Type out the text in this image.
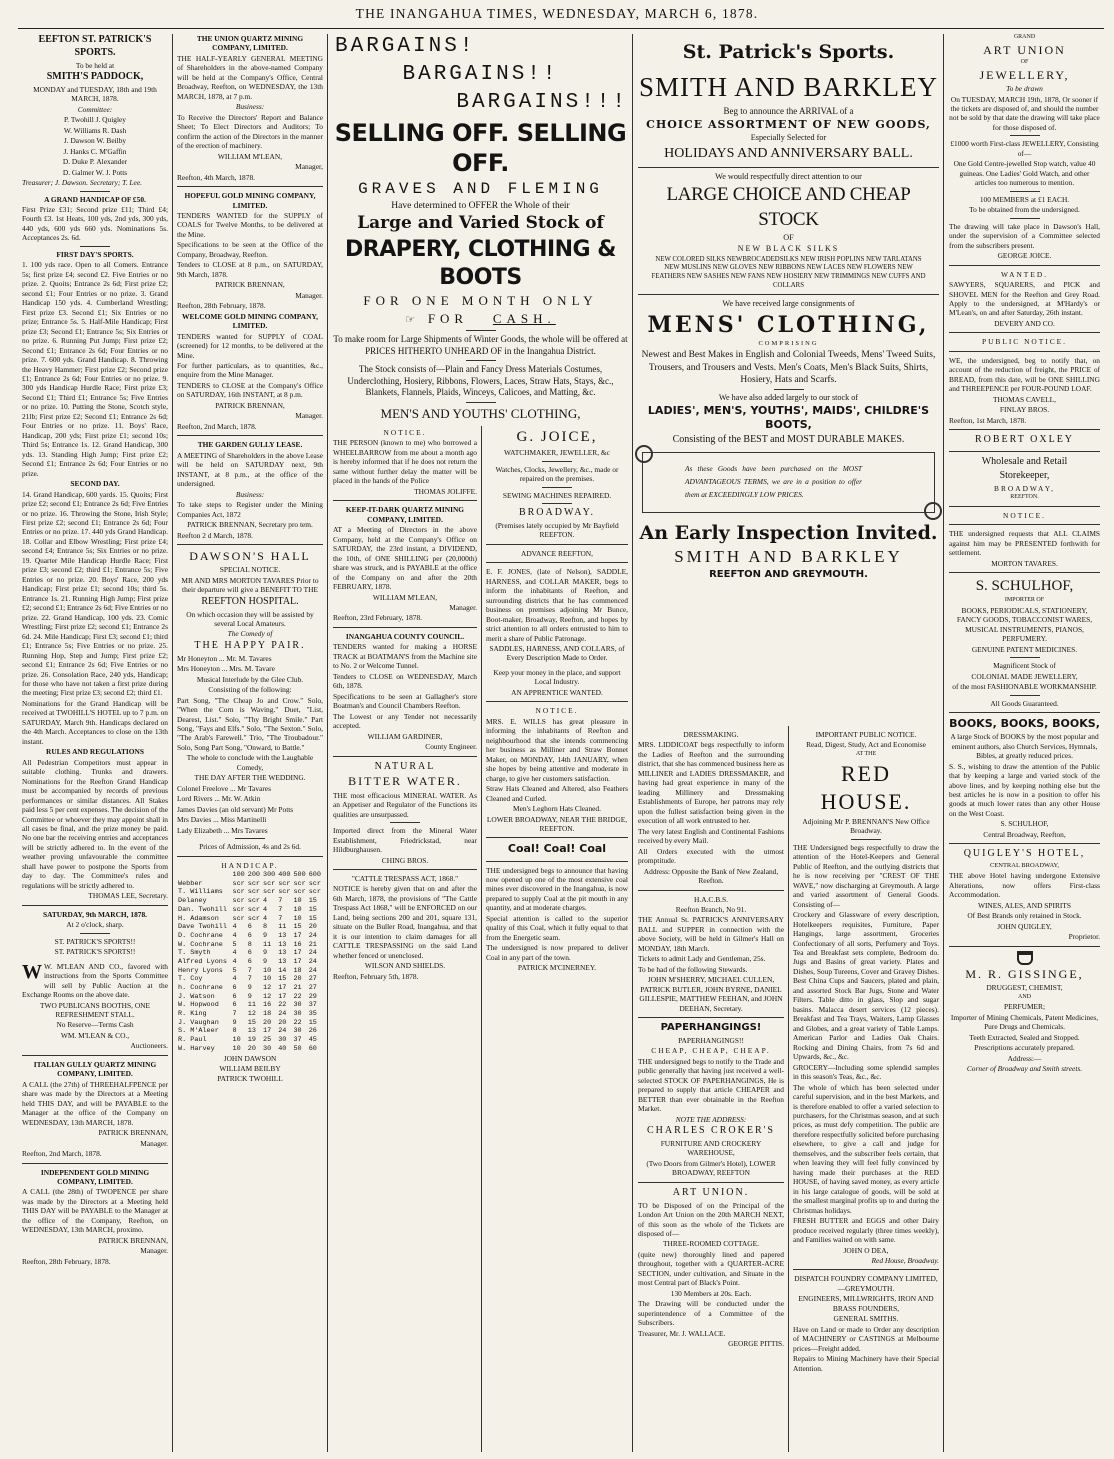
THE INANGAHUA TIMES, WEDNESDAY, MARCH 6, 1878.

EEFTON ST. PATRICK'S SPORTS.

To be held at

SMITH'S PADDOCK,

MONDAY and TUESDAY, 18th and 19th MARCH, 1878.

Committee:

P. Twohill J. Quigley

W. Williams R. Dash

J. Dawson W. Beilby

J. Hanks C. M'Gaffin

D. Duke P. Alexander

D. Galmer W. J. Potts

Treasurer; J. Dawson. Secretary; T. Lee.

A GRAND HANDICAP OF £50.

First Prize £31; Second prize £11; Third £4; Fourth £3. 1st Heats, 100 yds, 2nd yds, 300 yds, 440 yds, 600 yds 660 yds. Nominations 5s. Acceptances 2s. 6d.

FIRST DAY'S SPORTS.

1. 100 yds race. Open to all Comers. Entrance 5s; first prize £4; second £2. Five Entries or no prize. 2. Quoits; Entrance 2s 6d; First prize £2; second £1; Four Entries or no prize. 3. Grand Handicap 150 yds. 4. Cumberland Wrestling; First prize £3. Second £1; Six Entries or no prize; Entrance 5s. 5. Half-Mile Handicap; First prize £3; Second £1; Entrance 5s; Six Entries or no prize. 6. Running Put Jump; First prize £2; Second £1; Entrance 2s 6d; Four Entries or no prize. 7. 600 yds. Grand Handicap. 8. Throwing the Heavy Hammer; First prize £2; Second prize £1; Entrance 2s 6d; Four Entries or no prize. 9. 300 yds Handicap Hurdle Race; First prize £3; Second £1; Third £1; Entrance 5s; Five Entries or no prize. 10. Putting the Stone, Scotch style, 21lb; First prize £2; Second £1; Entrance 2s 6d; Four Entries or no prize. 11. Boys' Race, Handicap, 200 yds; First prize £1; second 10s; Third 5s; Entrance 1s. 12. Grand Handicap, 300 yds. 13. Standing High Jump; First prize £2; Second £1; Entrance 2s 6d; Four Entries or no prize.

SECOND DAY.

14. Grand Handicap, 600 yards. 15. Quoits; First prize £2; second £1; Entrance 2s 6d; Five Entries or no prize. 16. Throwing the Stone, Irish Style; First prize £2; second £1; Entrance 2s 6d; Four Entries or no prize. 17. 440 yds Grand Handicap. 18. Collar and Elbow Wrestling; First prize £4; second £4; Entrance 5s; Six Entries or no prize. 19. Quarter Mile Handicap Hurdle Race; First prize £3; second £2; third £1; Entrance 5s; Five Entries or no prize. 20. Boys' Race, 200 yds Handicap; First prize £1; second 10s; third 5s. Entrance 1s. 21. Running High Jump; First prize £2; second £1; Entrance 2s 6d; Five Entries or no prize. 22. Grand Handicap, 100 yds. 23. Comic Wrestling; First prize £2; second £1; Entrance 2s 6d. 24. Mile Handicap; First £3; second £1; third £1; Entrance 5s; Five Entries or no prize. 25. Running Hop, Step and Jump; First prize £2; second £1; Entrance 2s 6d; Five Entries or no prize. 26. Consolation Race, 240 yds, Handicap; for those who have not taken a first prize during the meeting; First prize £3; second £2; third £1.

Nominations for the Grand Handicap will be received at TWOHILL'S HOTEL up to 7 p.m. on SATURDAY, March 9th. Handicaps declared on the 4th March. Acceptances to close on the 13th instant.

RULES AND REGULATIONS

All Pedestrian Competitors must appear in suitable clothing. Trunks and drawers. Nominations for the Reefton Grand Handicap must be accompanied by records of previous performances or similar distances. All Stakes paid less 5 per cent expenses. The decision of the Committee or whoever they may appoint shall in all cases be final, and the prize money be paid. No one bar the receiving entries and acceptances will be strictly adhered to. In the event of the weather proving unfavourable the committee shall have power to postpone the Sports from day to day. The Committee's rules and regulations will be strictly adhered to.

THOMAS LEE, Secretary.

SATURDAY, 9th MARCH, 1878.

At 2 o'clock, sharp.

ST. PATRICK'S SPORTS!!

ST. PATRICK'S SPORTS!!

W W. M'LEAN AND CO., favored with instructions from the Sports Committee will sell by Public Auction at the Exchange Rooms on the above date.

TWO PUBLICANS BOOTHS, ONE REFRESHMENT STALL.

No Reserve—Terms Cash

WM. M'LEAN & CO.,

Auctioneers.

ITALIAN GULLY QUARTZ MINING COMPANY, LIMITED.

A CALL (the 27th) of THREEHALFPENCE per share was made by the Directors at a Meeting held THIS DAY, and will be PAYABLE to the Manager at the office of the Company on WEDNESDAY, 13th MARCH, 1878.

PATRICK BRENNAN,

Manager.

Reefton, 2nd March, 1878.

INDEPENDENT GOLD MINING COMPANY, LIMITED.

A CALL (the 28th) of TWOPENCE per share was made by the Directors at a Meeting held THIS DAY will be PAYABLE to the Manager at the office of the Company, Reefton, on WEDNESDAY, 13th MARCH, proximo.

PATRICK BRENNAN,

Manager.

Reefton, 28th February, 1878.

THE UNION QUARTZ MINING COMPANY, LIMITED.

THE HALF-YEARLY GENERAL MEETING of Shareholders in the above-named Company will be held at the Company's Office, Central Broadway, Reefton, on WEDNESDAY, the 13th MARCH, 1878, at 7 p.m.

Business:

To Receive the Directors' Report and Balance Sheet; To Elect Directors and Auditors; To confirm the action of the Directors in the manner of the erection of machinery.

WILLIAM M'LEAN,

Manager,

Reefton, 4th March, 1878.

HOPEFUL GOLD MINING COMPANY, LIMITED.

TENDERS WANTED for the SUPPLY of COALS for Twelve Months, to be delivered at the Mine.

Specifications to be seen at the Office of the Company, Broadway, Reefton.

Tenders to CLOSE at 8 p.m., on SATURDAY, 9th March, 1878.

PATRICK BRENNAN,

Manager.

Reefton, 28th February, 1878.

WELCOME GOLD MINING COMPANY, LIMITED.

TENDERS wanted for SUPPLY of COAL (screened) for 12 months, to be delivered at the Mine.

For further particulars, as to quantities, &c., enquire from the Mine Manager.

TENDERS to CLOSE at the Company's Office on SATURDAY, 16th INSTANT, at 8 p.m.

PATRICK BRENNAN,

Manager.

Reefton, 2nd March, 1878.

THE GARDEN GULLY LEASE.

A MEETING of Shareholders in the above Lease will be held on SATURDAY next, 9th INSTANT, at 8 p.m., at the office of the undersigned.

Business:

To take steps to Register under the Mining Companies Act, 1872

PATRICK BRENNAN, Secretary pro tem.

Reefton 2 d March, 1878.

DAWSON'S HALL

SPECIAL NOTICE.

MR AND MRS MORTON TAVARES Prior to their departure will give a BENEFIT TO THE

REEFTON HOSPITAL.

On which occasion they will be assisted by several Local Amateurs.

The Comedy of

THE HAPPY PAIR.

Mr Honeyton ... Mr. M. Tavares

Mrs Honeyton ... Mrs. M. Tavare

Musical Interlude by the Glee Club.

Consisting of the following:

Part Song, "The Cheap Jo and Crow." Solo, "When the Corn is Waving." Duet, "List, Dearest, List." Solo, "Thy Bright Smile." Part Song, "Fays and Elfs." Solo, "The Sexton." Solo, "The Arab's Farewell." Trio, "The Troubadour." Solo, Song Part Song, "Onward, to Battle."

The whole to conclude with the Laughable Comedy,

THE DAY AFTER THE WEDDING.

Colonel Freelove ... Mr Tavares

Lord Rivers ... Mr. W. Atkin

James Davies (an old servant) Mr Potts

Mrs Davies ... Miss Martinelli

Lady Elizabeth ... Mrs Tavares

Prices of Admission, 4s and 2s 6d.

HANDICAP.

	100	200	300	400	500	600
Webber	scr	scr	scr	scr	scr	scr
T. Williams	scr	scr	scr	scr	scr	scr
Delaney	scr	scr	4	7	10	15
Dan. Twohill	scr	scr	4	7	10	15
H. Adamson	scr	scr	4	7	10	15
Dave Twohill	4	6	8	11	15	20
D. Cochrane	4	6	9	13	17	24
W. Cochrane	5	8	11	13	16	21
T. Smyth	4	6	9	13	17	24
Alfred Lyons	4	6	9	13	17	24
Henry Lyons	5	7	10	14	18	24
T. Coy	4	7	10	15	20	27
h. Cochrane	6	9	12	17	21	27
J. Watson	6	9	12	17	22	29
W. Hopwood	6	11	16	22	30	37
R. King	7	12	18	24	30	35
J. Vaughan	9	15	20	20	22	15
S. M'Aleer	8	13	17	24	30	26
R. Paul	10	19	25	30	37	45
W. Harvey	10	20	30	40	50	60

JOHN DAWSON

WILLIAM BEILBY

PATRICK TWOHILL

BARGAINS!

BARGAINS!!

BARGAINS!!!

SELLING OFF. SELLING OFF.

GRAVES AND FLEMING

Have determined to OFFER the Whole of their

Large and Varied Stock of

DRAPERY, CLOTHING & BOOTS

FOR ONE MONTH ONLY

☞ FOR CASH.

To make room for Large Shipments of Winter Goods, the whole will be offered at PRICES HITHERTO UNHEARD OF in the Inangahua District.

The Stock consists of—Plain and Fancy Dress Materials Costumes, Underclothing, Hosiery, Ribbons, Flowers, Laces, Straw Hats, Stays, &c., Blankets, Flannels, Plaids, Winceys, Calicoes, and Matting, &c.

MEN'S AND YOUTHS' CLOTHING,

NOTICE.

THE PERSON (known to me) who borrowed a WHEELBARROW from me about a month ago is hereby informed that if he does not return the same without further delay the matter will be placed in the hands of the Police

THOMAS JOLIFFE.

KEEP-IT-DARK QUARTZ MINING COMPANY, LIMITED.

AT a Meeting of Directors in the above Company, held at the Company's Office on SATURDAY, the 23rd instant, a DIVIDEND, the 10th, of ONE SHILLING per (20,000th) share was struck, and is PAYABLE at the office of the Company on and after the 20th FEBRUARY, 1878.

WILLIAM M'LEAN,

Manager.

Reefton, 23rd February, 1878.

INANGAHUA COUNTY COUNCIL.

TENDERS wanted for making a HORSE TRACK at BOATMAN'S from the Machine site to No. 2 or Welcome Tunnel.

Tenders to CLOSE on WEDNESDAY, March 6th, 1878.

Specifications to be seen at Gallagher's store Boatman's and Council Chambers Reefton.

The Lowest or any Tender not necessarily accepted.

WILLIAM GARDINER,

County Engineer.

NATURAL

BITTER WATER.

THE most efficacious MINERAL WATER. As an Appetiser and Regulator of the Functions its qualities are unsurpassed.

Imported direct from the Mineral Water Establishment, Friedrickstad, near Hildburghausen.

CHING BROS.

"CATTLE TRESPASS ACT, 1868."

NOTICE is hereby given that on and after the 6th March, 1878, the provisions of "The Cattle Trespass Act 1868," will be ENFORCED on our Land, being sections 200 and 201, square 131, situate on the Buller Road, Inangahua, and that it is our intention to claim damages for all CATTLE TRESPASSING on the said Land whether fenced or unenclosed.

WILSON AND SHIELDS.

Reefton, February 5th, 1878.

G. JOICE,

WATCHMAKER, JEWELLER, &c

Watches, Clocks, Jewellery, &c., made or repaired on the premises.

SEWING MACHINES REPAIRED.

BROADWAY.

(Premises lately occupied by Mr Bayfield REEFTON.

ADVANCE REEFTON,

E. F. JONES, (late of Nelson), SADDLE, HARNESS, and COLLAR MAKER, begs to inform the inhabitants of Reefton, and surrounding districts that he has commenced business on premises adjoining Mr Bunce, Boot-maker, Broadway, Reefton, and hopes by strict attention to all orders entrusted to him to merit a share of Public Patronage.

SADDLES, HARNESS, AND COLLARS, of Every Description Made to Order.

Keep your money in the place, and support Local Industry.

AN APPRENTICE WANTED.

NOTICE.

MRS. E. WILLS has great pleasure in informing the inhabitants of Reefton and neighbourhood that she intends commencing her business as Milliner and Straw Bonnet Maker, on MONDAY, 14th JANUARY, when she hopes by being attentive and moderate in charge, to give her customers satisfaction.

Straw Hats Cleaned and Altered, also Feathers Cleaned and Curled.

Men's Leghorn Hats Cleaned.

LOWER BROADWAY, NEAR THE BRIDGE, REEFTON.

Coal! Coal! Coal

THE undersigned begs to announce that having now opened up one of the most extensive coal mines ever discovered in the Inangahua, is now prepared to supply Coal at the pit mouth in any quantity, and at moderate charges.

Special attention is called to the superior quality of this Coal, which it fully equal to that from the Energetic seam.

The undersigned is now prepared to deliver Coal in any part of the town.

PATRICK M'CINERNEY.

St. Patrick's Sports.

SMITH AND BARKLEY

Beg to announce the ARRIVAL of a

CHOICE ASSORTMENT OF NEW GOODS,

Especially Selected for

HOLIDAYS AND ANNIVERSARY BALL.

We would respectfully direct attention to our

LARGE CHOICE AND CHEAP STOCK

OF

NEW BLACK SILKS

NEW COLORED SILKS NEWBROCADEDSILKS NEW IRISH POPLINS NEW TARLATANS NEW MUSLINS NEW GLOVES NEW RIBBONS NEW LACES NEW FLOWERS NEW FEATHERS NEW SASHES NEW FANS NEW HOSIERY NEW TRIMMINGS NEW CUFFS AND COLLARS

We have received large consignments of

MENS' CLOTHING,

COMPRISING

Newest and Best Makes in English and Colonial Tweeds, Mens' Tweed Suits, Trousers, and Trousers and Vests. Men's Coats, Men's Black Suits, Shirts, Hosiery, Hats and Scarfs.

We have also added largely to our stock of

LADIES', MEN'S, YOUTHS', MAIDS', CHILDRE'S BOOTS,

Consisting of the BEST and MOST DURABLE MAKES.

As these Goods have been purchased on the MOST ADVANTAGEOUS TERMS, we are in a position to offer them at EXCEEDINGLY LOW PRICES.

An Early Inspection Invited.

SMITH AND BARKLEY

REEFTON AND GREYMOUTH.

DRESSMAKING.

MRS. LIDDICOAT begs respectfully to inform the Ladies of Reefton and the surrounding district, that she has commenced business here as MILLINER and LADIES DRESSMAKER, and having had great experience in many of the leading Millinery and Dressmaking Establishments of Europe, her patrons may rely upon the fullest satisfaction being given in the execution of all work entrusted to her.

The very latest English and Continental Fashions received by every Mail.

All Orders executed with the utmost promptitude.

Address: Opposite the Bank of New Zealand, Reefton.

H.A.C.B.S.

Reefton Branch, No 91.

THE Annual St. PATRICK'S ANNIVERSARY BALL and SUPPER in connection with the above Society, will be held in Gilmer's Hall on MONDAY, 18th March.

Tickets to admit Lady and Gentleman, 25s.

To be had of the following Stewards.

JOHN M'SHERRY, MICHAEL CULLEN, PATRICK BUTLER, JOHN BYRNE, DANIEL GILLESPIE, MATTHEW FEEHAN, and JOHN DEEHAN, Secretary.

PAPERHANGINGS!

PAPERHANGINGS!!

CHEAP, CHEAP, CHEAP.

THE undersigned begs to notify to the Trade and public generally that having just received a well-selected STOCK OF PAPERHANGINGS, He is prepared to supply that article CHEAPER and BETTER than ever obtainable in the Reefton Market.

NOTE THE ADDRESS:

CHARLES CROKER'S

FURNITURE AND CROCKERY WAREHOUSE,

(Two Doors from Gilmer's Hotel), LOWER BROADWAY, REEFTON

ART UNION.

TO be Disposed of on the Principal of the London Art Union on the 20th MARCH NEXT, of this soon as the whole of the Tickets are disposed of—

THREE-ROOMED COTTAGE.

(quite new) thoroughly lined and papered throughout, together with a QUARTER-ACRE SECTION, under cultivation, and Situate in the most Central part of Black's Point.

130 Members at 20s. Each.

The Drawing will be conducted under the superintendence of a Committee of the Subscribers.

Treasurer, Mr. J. WALLACE.

GEORGE PITTIS.

IMPORTANT PUBLIC NOTICE.

Read, Digest, Study, Act and Economise

AT THE

RED HOUSE.

Adjoining Mr P. BRENNAN'S New Office Broadway.

THE Undersigned begs respectfully to draw the attention of the Hotel-Keepers and General Public of Reefton, and the outlying districts that he is now receiving per "CREST OF THE WAVE," now discharging at Greymouth. A large and varied assortment of General Goods. Consisting of—

Crockery and Glassware of every description, Hotelkeepers requisites, Furniture, Paper Hangings, large assortment, Groceries Confectionary of all sorts, Perfumery and Toys. Tea and Breakfast sets complete, Bedroom do. Jugs and Basins of great variety. Plates and Dishes, Soup Tureens, Cover and Gravey Dishes. Best China Cups and Saucers, plated and plain, and assorted Stock Bar Jugs, Stone and Water Filters. Table ditto in glass, Slop and sugar basins. Malacca desert services (12 pieces). Breakfast and Tea Trays, Waiters, Lamp Glasses and Globes, and a great variety of Table Lamps. American Parlor and Ladies Oak Chairs. Rocking and Dining Chairs, from 7s 6d and Upwards, &c., &c.

GROCERY—Including some splendid samples in this season's Teas, &c., &c.

The whole of which has been selected under careful supervision, and in the best Markets, and is therefore enabled to offer a varied selection to purchasers, for the Christmas season, and at such prices, as must defy competition. The public are therefore respectfully solicited before purchasing elsewhere, to give a call and judge for themselves, and the subscriber feels certain, that when leaving they will feel fully convinced by having made their purchases at the RED HOUSE, of having saved money, as every article in his large catalogue of goods, will be sold at the smallest marginal profits up to and during the Christmas holidays.

FRESH BUTTER and EGGS and other Dairy produce received regularly (three times weekly), and Families waited on with same.

JOHN O DEA,

Red House, Broadway.

DISPATCH FOUNDRY COMPANY LIMITED,—GREYMOUTH.

ENGINEERS, MILLWRIGHTS, IRON AND BRASS FOUNDERS,

GENERAL SMITHS.

Have on Land or made to Order any description of MACHINERY or CASTINGS at Melbourne prices—Freight added.

Repairs to Mining Machinery have their Special Attention.

GRAND

ART UNION

OF

JEWELLERY,

To be drawn

On TUESDAY, MARCH 19th, 1878, Or sooner if the tickets are disposed of, and should the number not be sold by that date the drawing will take place for those disposed of.

£1000 worth First-class JEWELLERY, Consisting of—

One Gold Centre-jewelled Stop watch, value 40 guineas. One Ladies' Gold Watch, and other articles too numerous to mention.

100 MEMBERS at £1 EACH.

To be obtained from the undersigned.

The drawing will take place in Dawson's Hall, under the supervision of a Committee selected from the subscribers present.

GEORGE JOICE.

WANTED.

SAWYERS, SQUARERS, and PICK and SHOVEL MEN for the Reefton and Grey Road. Apply to the undersigned, at M'Hardy's or M'Lean's, on and after Saturday, 26th instant.

DEVERY AND CO.

PUBLIC NOTICE.

WE, the undersigned, beg to notify that, on account of the reduction of freight, the PRICE of BREAD, from this date, will be ONE SHILLING and THREEPENCE per FOUR-POUND LOAF.

THOMAS CAVELL,

FINLAY BROS.

Reefton, 1st March, 1878.

ROBERT OXLEY

Wholesale and Retail

Storekeeper,

BROADWAY,

REEFTON.

NOTICE.

THE undersigned requests that ALL CLAIMS against him may be PRESENTED forthwith for settlement.

MORTON TAVARES.

S. SCHULHOF,

IMPORTER OF

BOOKS, PERIODICALS, STATIONERY, FANCY GOODS, TOBACCONIST WARES, MUSICAL INSTRUMENTS, PIANOS, PERFUMERY.

GENUINE PATENT MEDICINES.

Magnificent Stock of

COLONIAL MADE JEWELLERY,

of the most FASHIONABLE WORKMANSHIP.

All Goods Guaranteed.

BOOKS, BOOKS, BOOKS,

A large Stock of BOOKS by the most popular and eminent authors, also Church Services, Hymnals, Bibles, at greatly reduced prices.

S. S., wishing to draw the attention of the Public that by keeping a large and varied stock of the above lines, and by keeping nothing else but the best articles he is now in a position to offer his goods at much lower rates than any other House on the West Coast.

S. SCHULHOF,

Central Broadway, Reefton,

QUIGLEY'S HOTEL,

CENTRAL BROADWAY,

THE above Hotel having undergone Extensive Alterations, now offers First-class Accommodation.

WINES, ALES, AND SPIRITS

Of Best Brands only retained in Stock.

JOHN QUIGLEY,

Proprietor.

M. R. GISSINGE,

DRUGGEST, CHEMIST,

AND

PERFUMER;

Importer of Mining Chemicals, Patent Medicines, Pure Drugs and Chemicals.

Teeth Extracted, Sealed and Stopped.

Prescriptions accurately prepared.

Address:—

Corner of Broadway and Smith streets.
